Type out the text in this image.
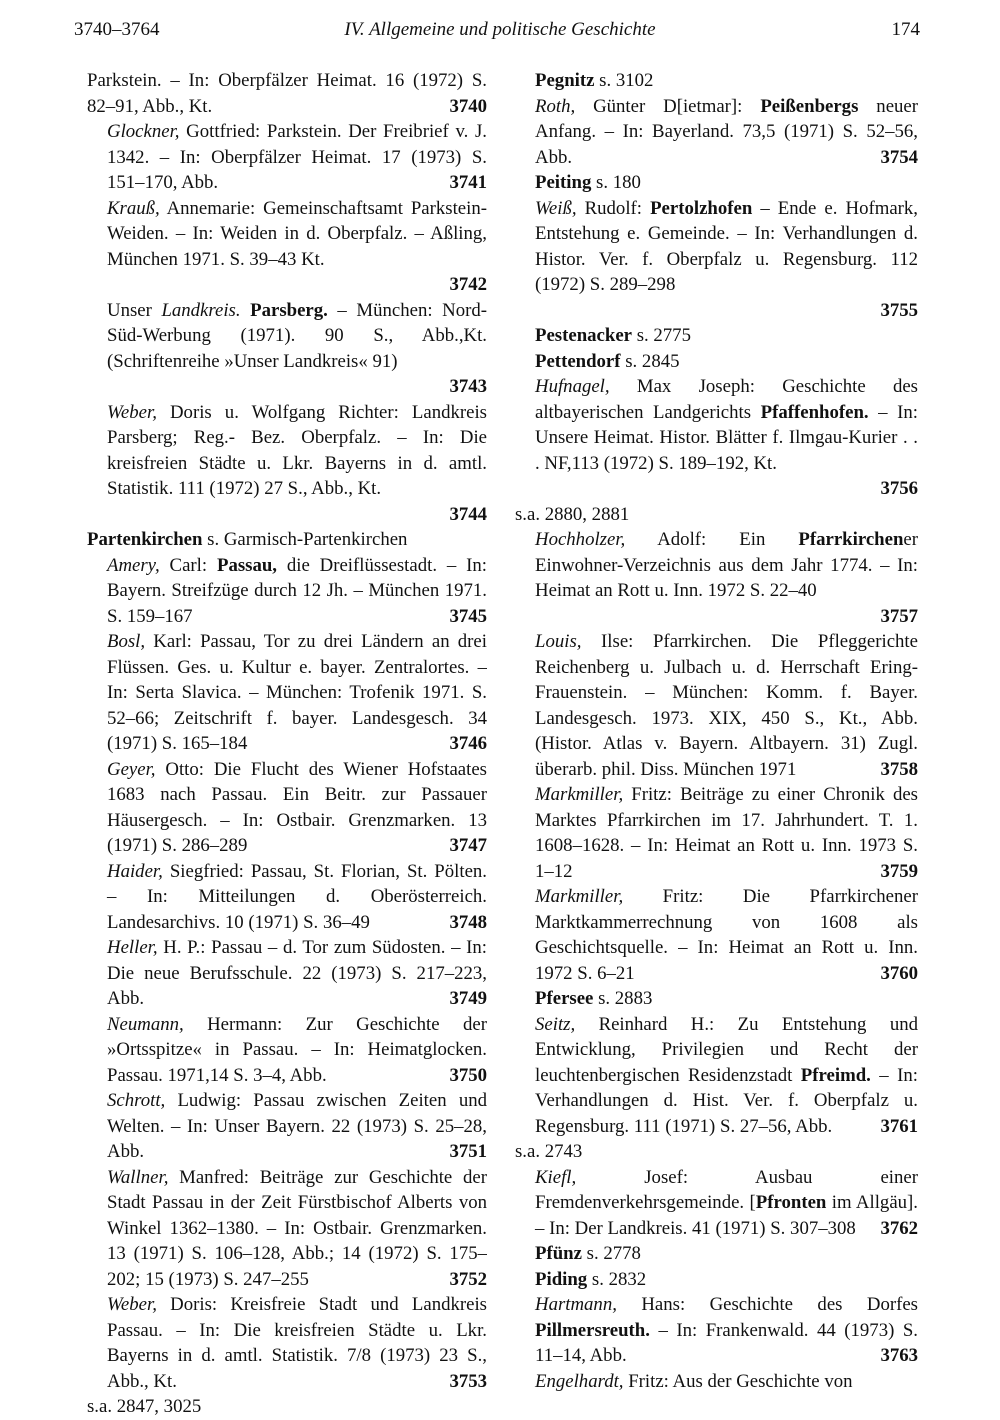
3740–3764	IV. Allgemeine und politische Geschichte	174
Parkstein. – In: Oberpfälzer Heimat. 16 (1972) S. 82–91, Abb., Kt.	3740
Glockner, Gottfried: Parkstein. Der Freibrief v. J. 1342. – In: Oberpfälzer Heimat. 17 (1973) S. 151–170, Abb.	3741
Krauß, Annemarie: Gemeinschaftsamt Parkstein-Weiden. – In: Weiden in d. Oberpfalz. – Aßling, München 1971. S. 39–43 Kt.
3742
Unser Landkreis. Parsberg. – München: Nord-Süd-Werbung (1971). 90 S., Abb.,Kt. (Schriftenreihe »Unser Landkreis« 91)
3743
Weber, Doris u. Wolfgang Richter: Landkreis Parsberg; Reg.- Bez. Oberpfalz. – In: Die kreisfreien Städte u. Lkr. Bayerns in d. amtl. Statistik. 111 (1972) 27 S., Abb., Kt.
3744
Partenkirchen s. Garmisch-Partenkirchen
Amery, Carl: Passau, die Dreiflüssestadt. – In: Bayern. Streifzüge durch 12 Jh. – München 1971. S. 159–167	3745
Bosl, Karl: Passau, Tor zu drei Ländern an drei Flüssen. Ges. u. Kultur e. bayer. Zentralortes. – In: Serta Slavica. – München: Trofenik 1971. S. 52–66; Zeitschrift f. bayer. Landesgesch. 34 (1971) S. 165–184	3746
Geyer, Otto: Die Flucht des Wiener Hofstaates 1683 nach Passau. Ein Beitr. zur Passauer Häusergesch. – In: Ostbair. Grenzmarken. 13 (1971) S. 286–289	3747
Haider, Siegfried: Passau, St. Florian, St. Pölten. – In: Mitteilungen d. Oberösterreich. Landesarchivs. 10 (1971) S. 36–49	3748
Heller, H. P.: Passau – d. Tor zum Südosten. – In: Die neue Berufsschule. 22 (1973) S. 217–223, Abb.	3749
Neumann, Hermann: Zur Geschichte der »Ortsspitze« in Passau. – In: Heimatglocken. Passau. 1971,14 S. 3–4, Abb.	3750
Schrott, Ludwig: Passau zwischen Zeiten und Welten. – In: Unser Bayern. 22 (1973) S. 25–28, Abb.	3751
Wallner, Manfred: Beiträge zur Geschichte der Stadt Passau in der Zeit Fürstbischof Alberts von Winkel 1362–1380. – In: Ostbair. Grenzmarken. 13 (1971) S. 106–128, Abb.; 14 (1972) S. 175–202; 15 (1973) S. 247–255	3752
Weber, Doris: Kreisfreie Stadt und Landkreis Passau. – In: Die kreisfreien Städte u. Lkr. Bayerns in d. amtl. Statistik. 7/8 (1973) 23 S., Abb., Kt.	3753
s.a. 2847, 3025
Pegnitz s. 3102
Roth, Günter D[ietmar]: Peißenbergs neuer Anfang. – In: Bayerland. 73,5 (1971) S. 52–56, Abb.	3754
Peiting s. 180
Weiß, Rudolf: Pertolzhofen – Ende e. Hofmark, Entstehung e. Gemeinde. – In: Verhandlungen d. Histor. Ver. f. Oberpfalz u. Regensburg. 112 (1972) S. 289–298
3755
Pestenacker s. 2775
Pettendorf s. 2845
Hufnagel, Max Joseph: Geschichte des altbayerischen Landgerichts Pfaffenhofen. – In: Unsere Heimat. Histor. Blätter f. Ilmgau-Kurier . . . NF,113 (1972) S. 189–192, Kt.
3756
s.a. 2880, 2881
Hochholzer, Adolf: Ein Pfarrkirchener Einwohner-Verzeichnis aus dem Jahr 1774. – In: Heimat an Rott u. Inn. 1972 S. 22–40
3757
Louis, Ilse: Pfarrkirchen. Die Pfleggerichte Reichenberg u. Julbach u. d. Herrschaft Ering-Frauenstein. – München: Komm. f. Bayer. Landesgesch. 1973. XIX, 450 S., Kt., Abb. (Histor. Atlas v. Bayern. Altbayern. 31) Zugl. überarb. phil. Diss. München 1971	3758
Markmiller, Fritz: Beiträge zu einer Chronik des Marktes Pfarrkirchen im 17. Jahrhundert. T. 1. 1608–1628. – In: Heimat an Rott u. Inn. 1973 S. 1–12	3759
Markmiller, Fritz: Die Pfarrkirchener Marktkammerrechnung von 1608 als Geschichtsquelle. – In: Heimat an Rott u. Inn. 1972 S. 6–21	3760
Pfersee s. 2883
Seitz, Reinhard H.: Zu Entstehung und Entwicklung, Privilegien und Recht der leuchtenbergischen Residenzstadt Pfreimd. – In: Verhandlungen d. Hist. Ver. f. Oberpfalz u. Regensburg. 111 (1971) S. 27–56, Abb.	3761
s.a. 2743
Kiefl, Josef: Ausbau einer Fremdenverkehrsgemeinde. [Pfronten im Allgäu]. – In: Der Landkreis. 41 (1971) S. 307–308 3762
Pfünz s. 2778
Piding s. 2832
Hartmann, Hans: Geschichte des Dorfes Pillmersreuth. – In: Frankenwald. 44 (1973) S. 11–14, Abb.	3763
Engelhardt, Fritz: Aus der Geschichte von
